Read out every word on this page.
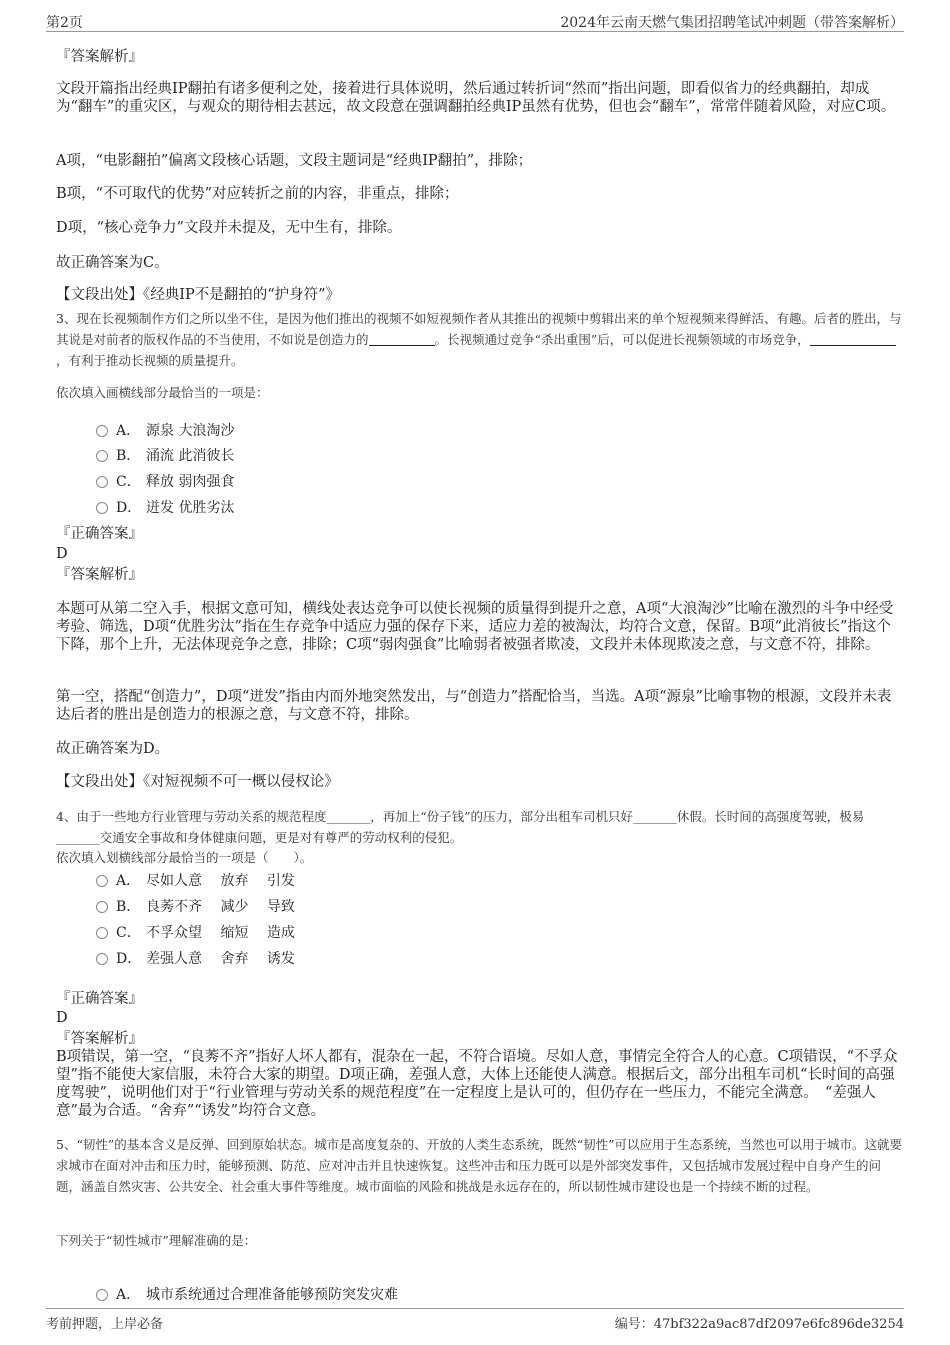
第2页	2024年云南天燃气集团招聘笔试冲刺题（带答案解析）
『答案解析』
文段开篇指出经典IP翻拍有诸多便利之处，接着进行具体说明，然后通过转折词“然而”指出问题，即看似省力的经典翻拍，却成为“翻车”的重灾区，与观众的期待相去甚远，故文段意在强调翻拍经典IP虽然有优势，但也会“翻车”，常常伴随着风险，对应C项。
A项，“电影翻拍”偏离文段核心话题，文段主题词是“经典IP翻拍”，排除；
B项，“不可取代的优势”对应转折之前的内容，非重点，排除；
D项，“核心竞争力”文段并未提及，无中生有，排除。
故正确答案为C。
【文段出处】《经典IP不是翻拍的“护身符”》
3、现在长视频制作方们之所以坐不住，是因为他们推出的视频不如短视频作者从其推出的视频中剪辑出来的单个短视频来得鲜活、有趣。后者的胜出，与其说是对前者的版权作品的不当使用，不如说是创造力的	。长视频通过竞争“杀出重围”后，可以促进长视频领域的市场竞争，，有利于推动长视频的质量提升。
依次填入画横线部分最恰当的一项是：
A． 源泉 大浪淘沙
B． 涌流 此消彼长
C． 释放 弱肉强食
D． 迸发 优胜劣汰
『正确答案』
D
『答案解析』
本题可从第二空入手，根据文意可知，横线处表达竞争可以使长视频的质量得到提升之意，A项“大浪淘沙”比喻在激烈的斗争中经受考验、筛选，D项“优胜劣汰”指在生存竞争中适应力强的保存下来，适应力差的被淘汰，均符合文意，保留。B项“此消彼长”指这个下降，那个上升，无法体现竞争之意，排除；C项“弱肉强食”比喻弱者被强者欺凌，文段并未体现欺凌之意，与文意不符，排除。
第一空，搭配“创造力”，D项“迸发”指由内而外地突然发出，与“创造力”搭配恰当，当选。A项“源泉”比喻事物的根源，文段并未表达后者的胜出是创造力的根源之意，与文意不符，排除。
故正确答案为D。
【文段出处】《对短视频不可一概以侵权论》
4、由于一些地方行业管理与劳动关系的规范程度_______，再加上“份子钱”的压力，部分出租车司机只好_______休假。长时间的高强度驾驶，极易_______交通安全事故和身体健康问题，更是对有尊严的劳动权利的侵犯。
依次填入划横线部分最恰当的一项是（　　）。
A． 尽如人意　 放弃　 引发
B． 良莠不齐　 减少　 导致
C． 不孚众望　 缩短　 造成
D． 差强人意　 舍弃　 诱发
『正确答案』
D
『答案解析』
B项错误，第一空，“良莠不齐”指好人坏人都有，混杂在一起，不符合语境。尽如人意，事情完全符合人的心意。C项错误，“不孚众望”指不能使大家信服，未符合大家的期望。D项正确，差强人意，大体上还能使人满意。根据后文，部分出租车司机“长时间的高强度驾驶”，说明他们对于“行业管理与劳动关系的规范程度”在一定程度上是认可的，但仍存在一些压力，不能完全满意。　“差强人意”最为合适。“舍弃”“诱发”均符合文意。
5、“韧性”的基本含义是反弹、回到原始状态。城市是高度复杂的、开放的人类生态系统，既然“韧性”可以应用于生态系统，当然也可以用于城市。这就要求城市在面对冲击和压力时，能够预测、防范、应对冲击并且快速恢复。这些冲击和压力既可以是外部突发事件，又包括城市发展过程中自身产生的问题，涵盖自然灾害、公共安全、社会重大事件等维度。城市面临的风险和挑战是永远存在的，所以韧性城市建设也是一个持续不断的过程。
下列关于“韧性城市”理解准确的是：
A． 城市系统通过合理准备能够预防突发灾难
考前押题，上岸必备	编号：47bf322a9ac87df2097e6fc896de3254
